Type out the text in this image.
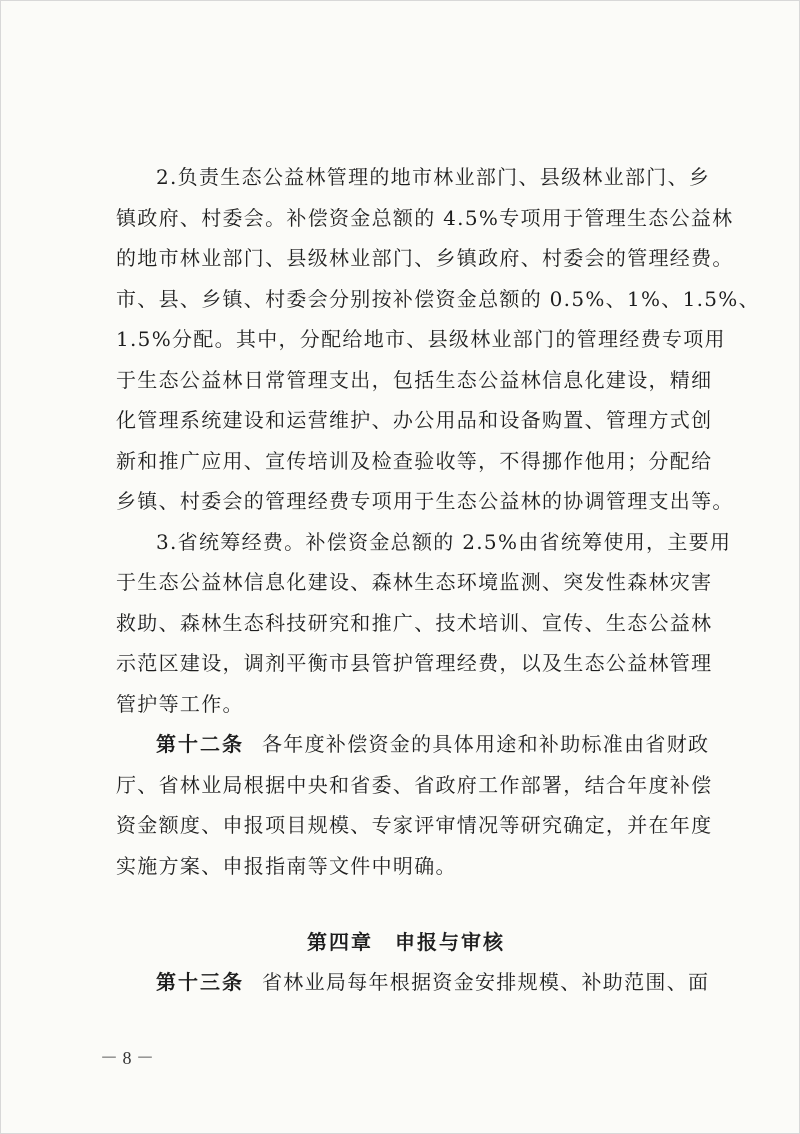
2.负责生态公益林管理的地市林业部门、县级林业部门、乡
镇政府、村委会。补偿资金总额的 4.5%专项用于管理生态公益林
的地市林业部门、县级林业部门、乡镇政府、村委会的管理经费。
市、县、乡镇、村委会分别按补偿资金总额的 0.5%、1%、1.5%、
1.5%分配。其中，分配给地市、县级林业部门的管理经费专项用
于生态公益林日常管理支出，包括生态公益林信息化建设，精细
化管理系统建设和运营维护、办公用品和设备购置、管理方式创
新和推广应用、宣传培训及检查验收等，不得挪作他用；分配给
乡镇、村委会的管理经费专项用于生态公益林的协调管理支出等。
3.省统筹经费。补偿资金总额的 2.5%由省统筹使用，主要用
于生态公益林信息化建设、森林生态环境监测、突发性森林灾害
救助、森林生态科技研究和推广、技术培训、宣传、生态公益林
示范区建设，调剂平衡市县管护管理经费，以及生态公益林管理
管护等工作。
第十二条 各年度补偿资金的具体用途和补助标准由省财政
厅、省林业局根据中央和省委、省政府工作部署，结合年度补偿
资金额度、申报项目规模、专家评审情况等研究确定，并在年度
实施方案、申报指南等文件中明确。
第四章　申报与审核
第十三条 省林业局每年根据资金安排规模、补助范围、面
－ 8 －
